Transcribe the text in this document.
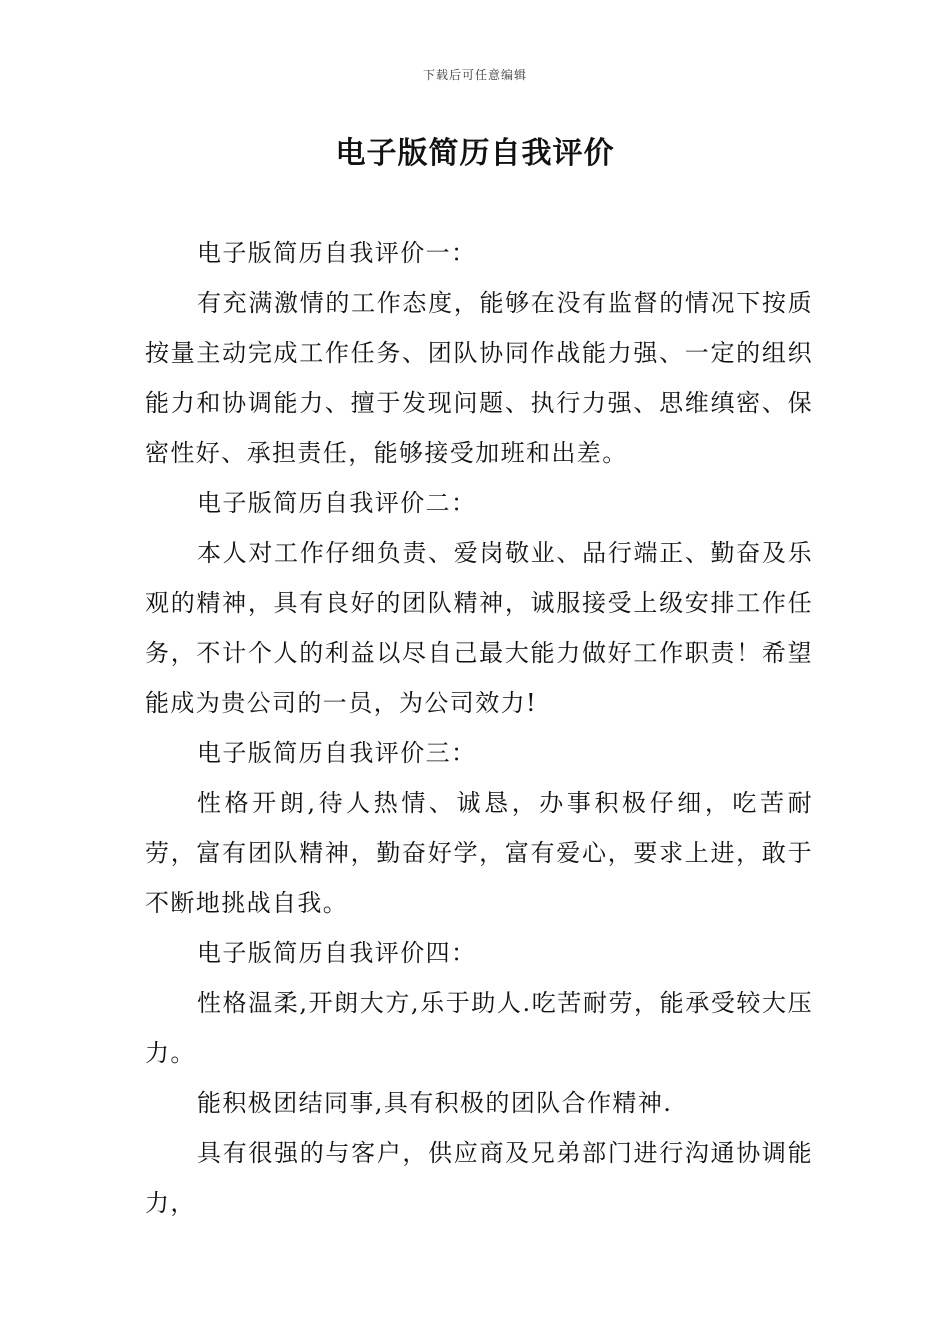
下载后可任意编辑
电子版简历自我评价

电子版简历自我评价一：

有充满激情的工作态度，能够在没有监督的情况下按质按量主动完成工作任务、团队协同作战能力强、一定的组织能力和协调能力、擅于发现问题、执行力强、思维缜密、保密性好、承担责任，能够接受加班和出差。

电子版简历自我评价二：

本人对工作仔细负责、爱岗敬业、品行端正、勤奋及乐观的精神，具有良好的团队精神，诚服接受上级安排工作任务，不计个人的利益以尽自己最大能力做好工作职责！希望能成为贵公司的一员，为公司效力!

电子版简历自我评价三：

性格开朗,待人热情、诚恳，办事积极仔细，吃苦耐劳，富有团队精神，勤奋好学，富有爱心，要求上进，敢于不断地挑战自我。

电子版简历自我评价四：

性格温柔,开朗大方,乐于助人.吃苦耐劳，能承受较大压力。

能积极团结同事,具有积极的团队合作精神.

具有很强的与客户，供应商及兄弟部门进行沟通协调能力，
